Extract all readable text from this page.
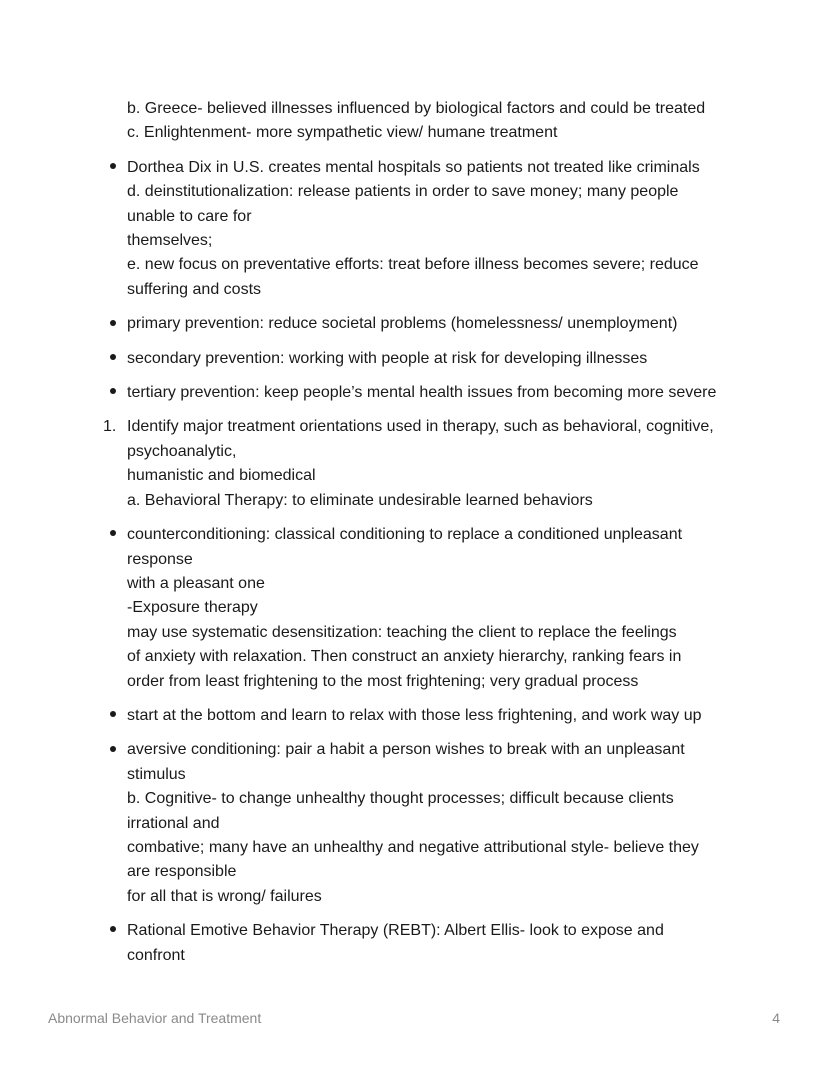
b. Greece- believed illnesses influenced by biological factors and could be treated
c. Enlightenment- more sympathetic view/ humane treatment
Dorthea Dix in U.S. creates mental hospitals so patients not treated like criminals
d. deinstitutionalization: release patients in order to save money; many people
unable to care for
themselves;
e. new focus on preventative efforts: treat before illness becomes severe; reduce
suffering and costs
primary prevention: reduce societal problems (homelessness/ unemployment)
secondary prevention: working with people at risk for developing illnesses
tertiary prevention: keep people’s mental health issues from becoming more severe
1. Identify major treatment orientations used in therapy, such as behavioral, cognitive,
psychoanalytic,
humanistic and biomedical
a. Behavioral Therapy: to eliminate undesirable learned behaviors
counterconditioning: classical conditioning to replace a conditioned unpleasant
response
with a pleasant one
-Exposure therapy
may use systematic desensitization: teaching the client to replace the feelings
of anxiety with relaxation. Then construct an anxiety hierarchy, ranking fears in
order from least frightening to the most frightening; very gradual process
start at the bottom and learn to relax with those less frightening, and work way up
aversive conditioning: pair a habit a person wishes to break with an unpleasant
stimulus
b. Cognitive- to change unhealthy thought processes; difficult because clients
irrational and
combative; many have an unhealthy and negative attributional style- believe they
are responsible
for all that is wrong/ failures
Rational Emotive Behavior Therapy (REBT): Albert Ellis- look to expose and
confront
Abnormal Behavior and Treatment	4
